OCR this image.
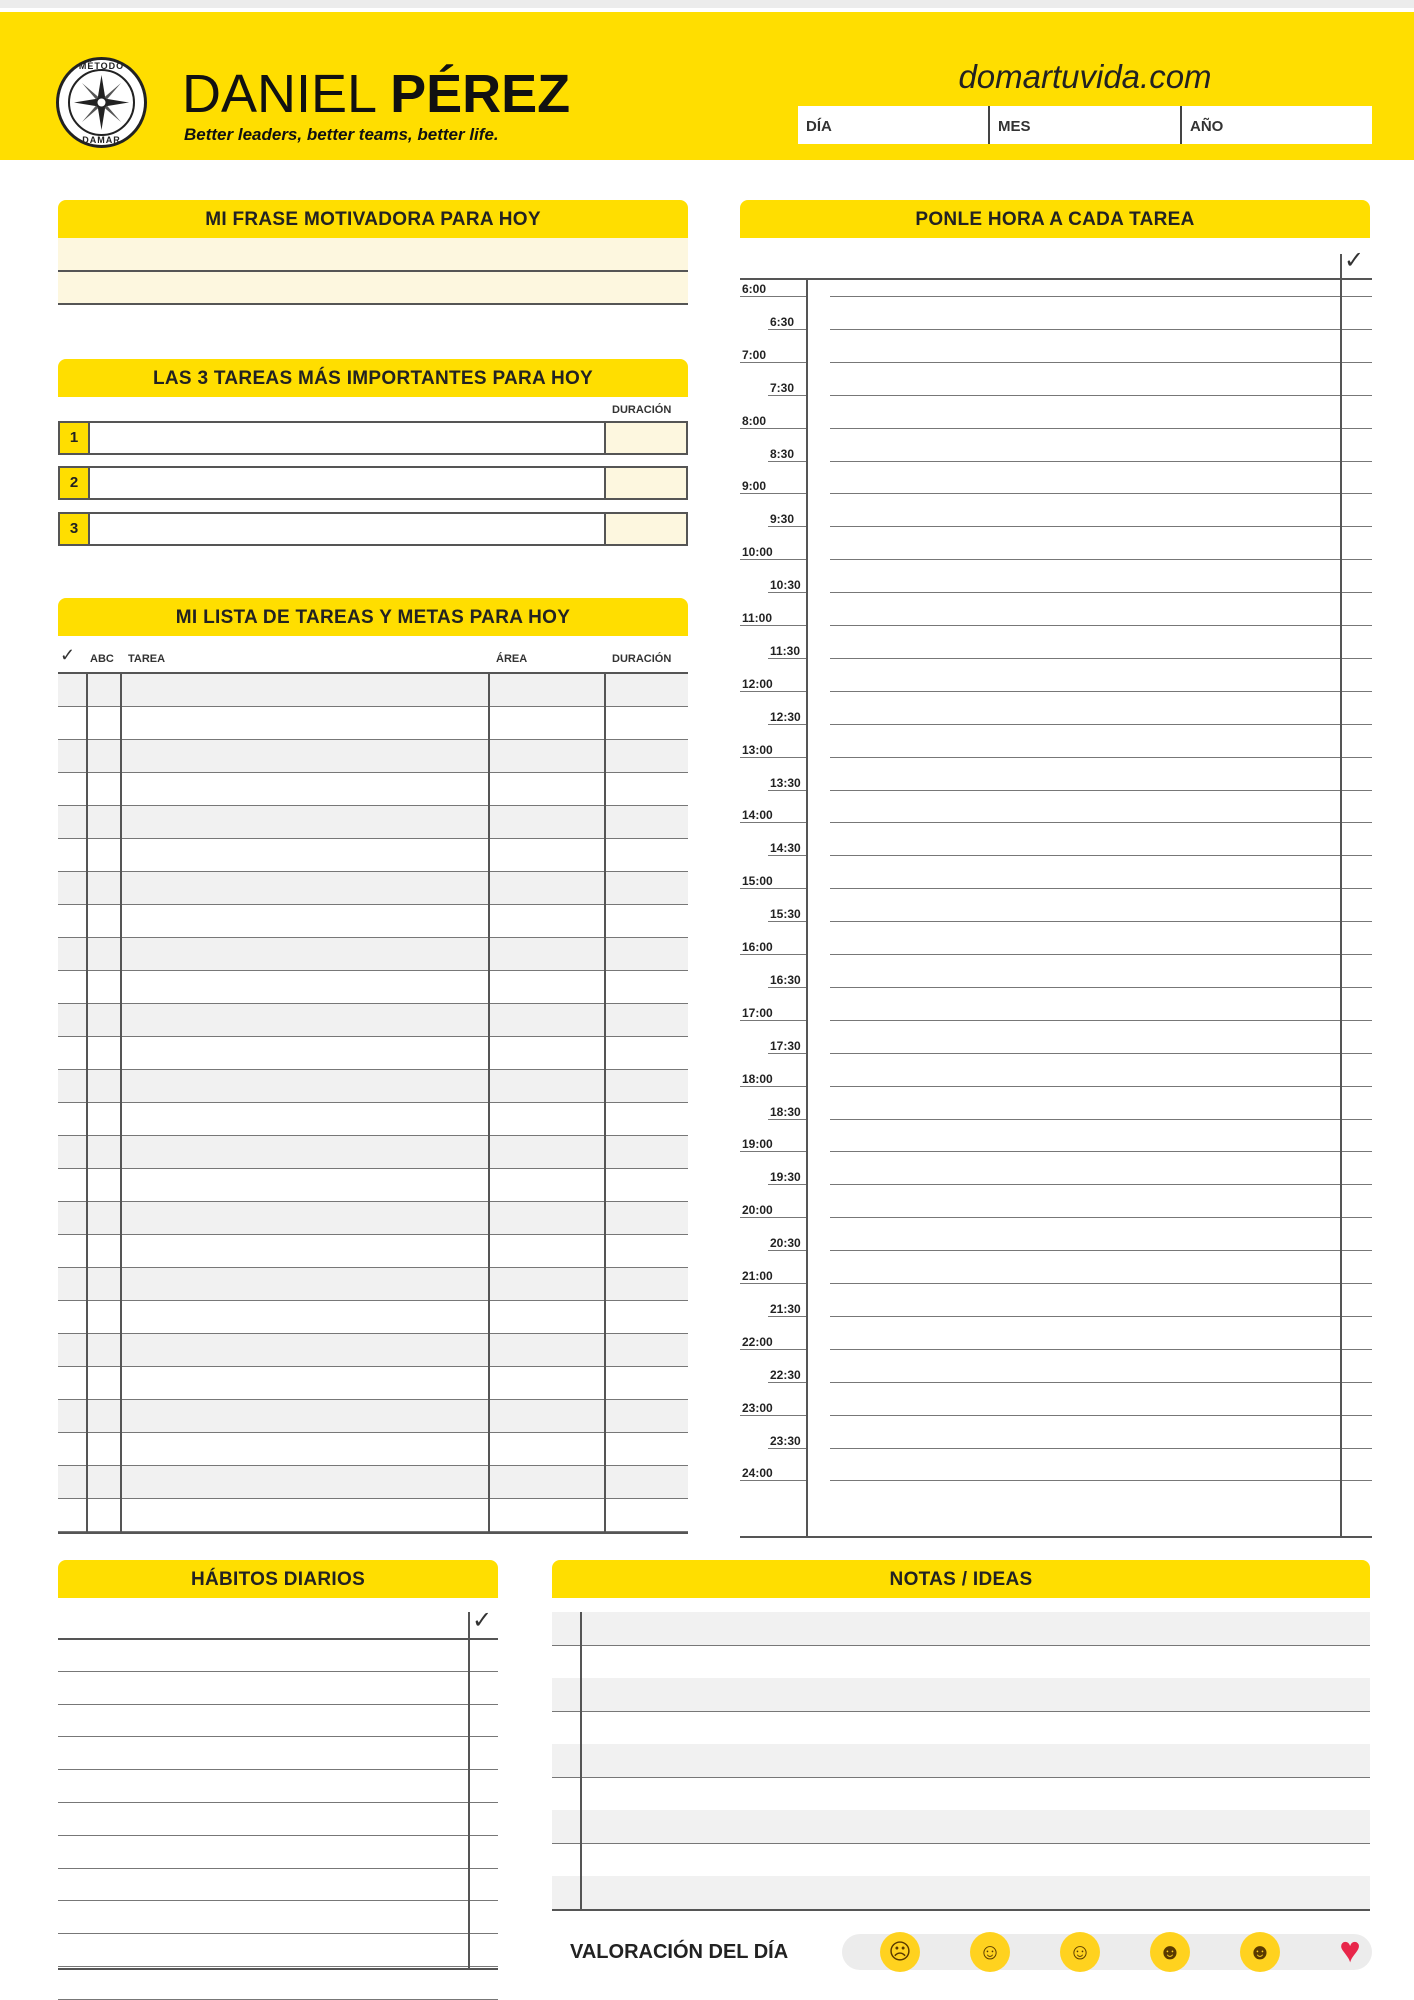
MÉTODO
DAMAR
DANIEL PÉREZ
Better leaders, better teams, better life.
domartuvida.com
DÍA	MES	AÑO
MI FRASE MOTIVADORA PARA HOY
LAS 3 TAREAS MÁS IMPORTANTES PARA HOY
DURACIÓN
1
2
3
MI LISTA DE TAREAS Y METAS PARA HOY
✓ ABC TAREA	ÁREA	DURACIÓN
PONLE HORA A CADA TAREA
✓
6:00
6:30
7:00
7:30
8:00
8:30
9:00
9:30
10:00
10:30
11:00
11:30
12:00
12:30
13:00
13:30
14:00
14:30
15:00
15:30
16:00
16:30
17:00
17:30
18:00
18:30
19:00
19:30
20:00
20:30
21:00
21:30
22:00
22:30
23:00
23:30
24:00
HÁBITOS DIARIOS
✓
NOTAS / IDEAS
VALORACIÓN DEL DÍA	☹	☺	☺	☻	☻	♥
